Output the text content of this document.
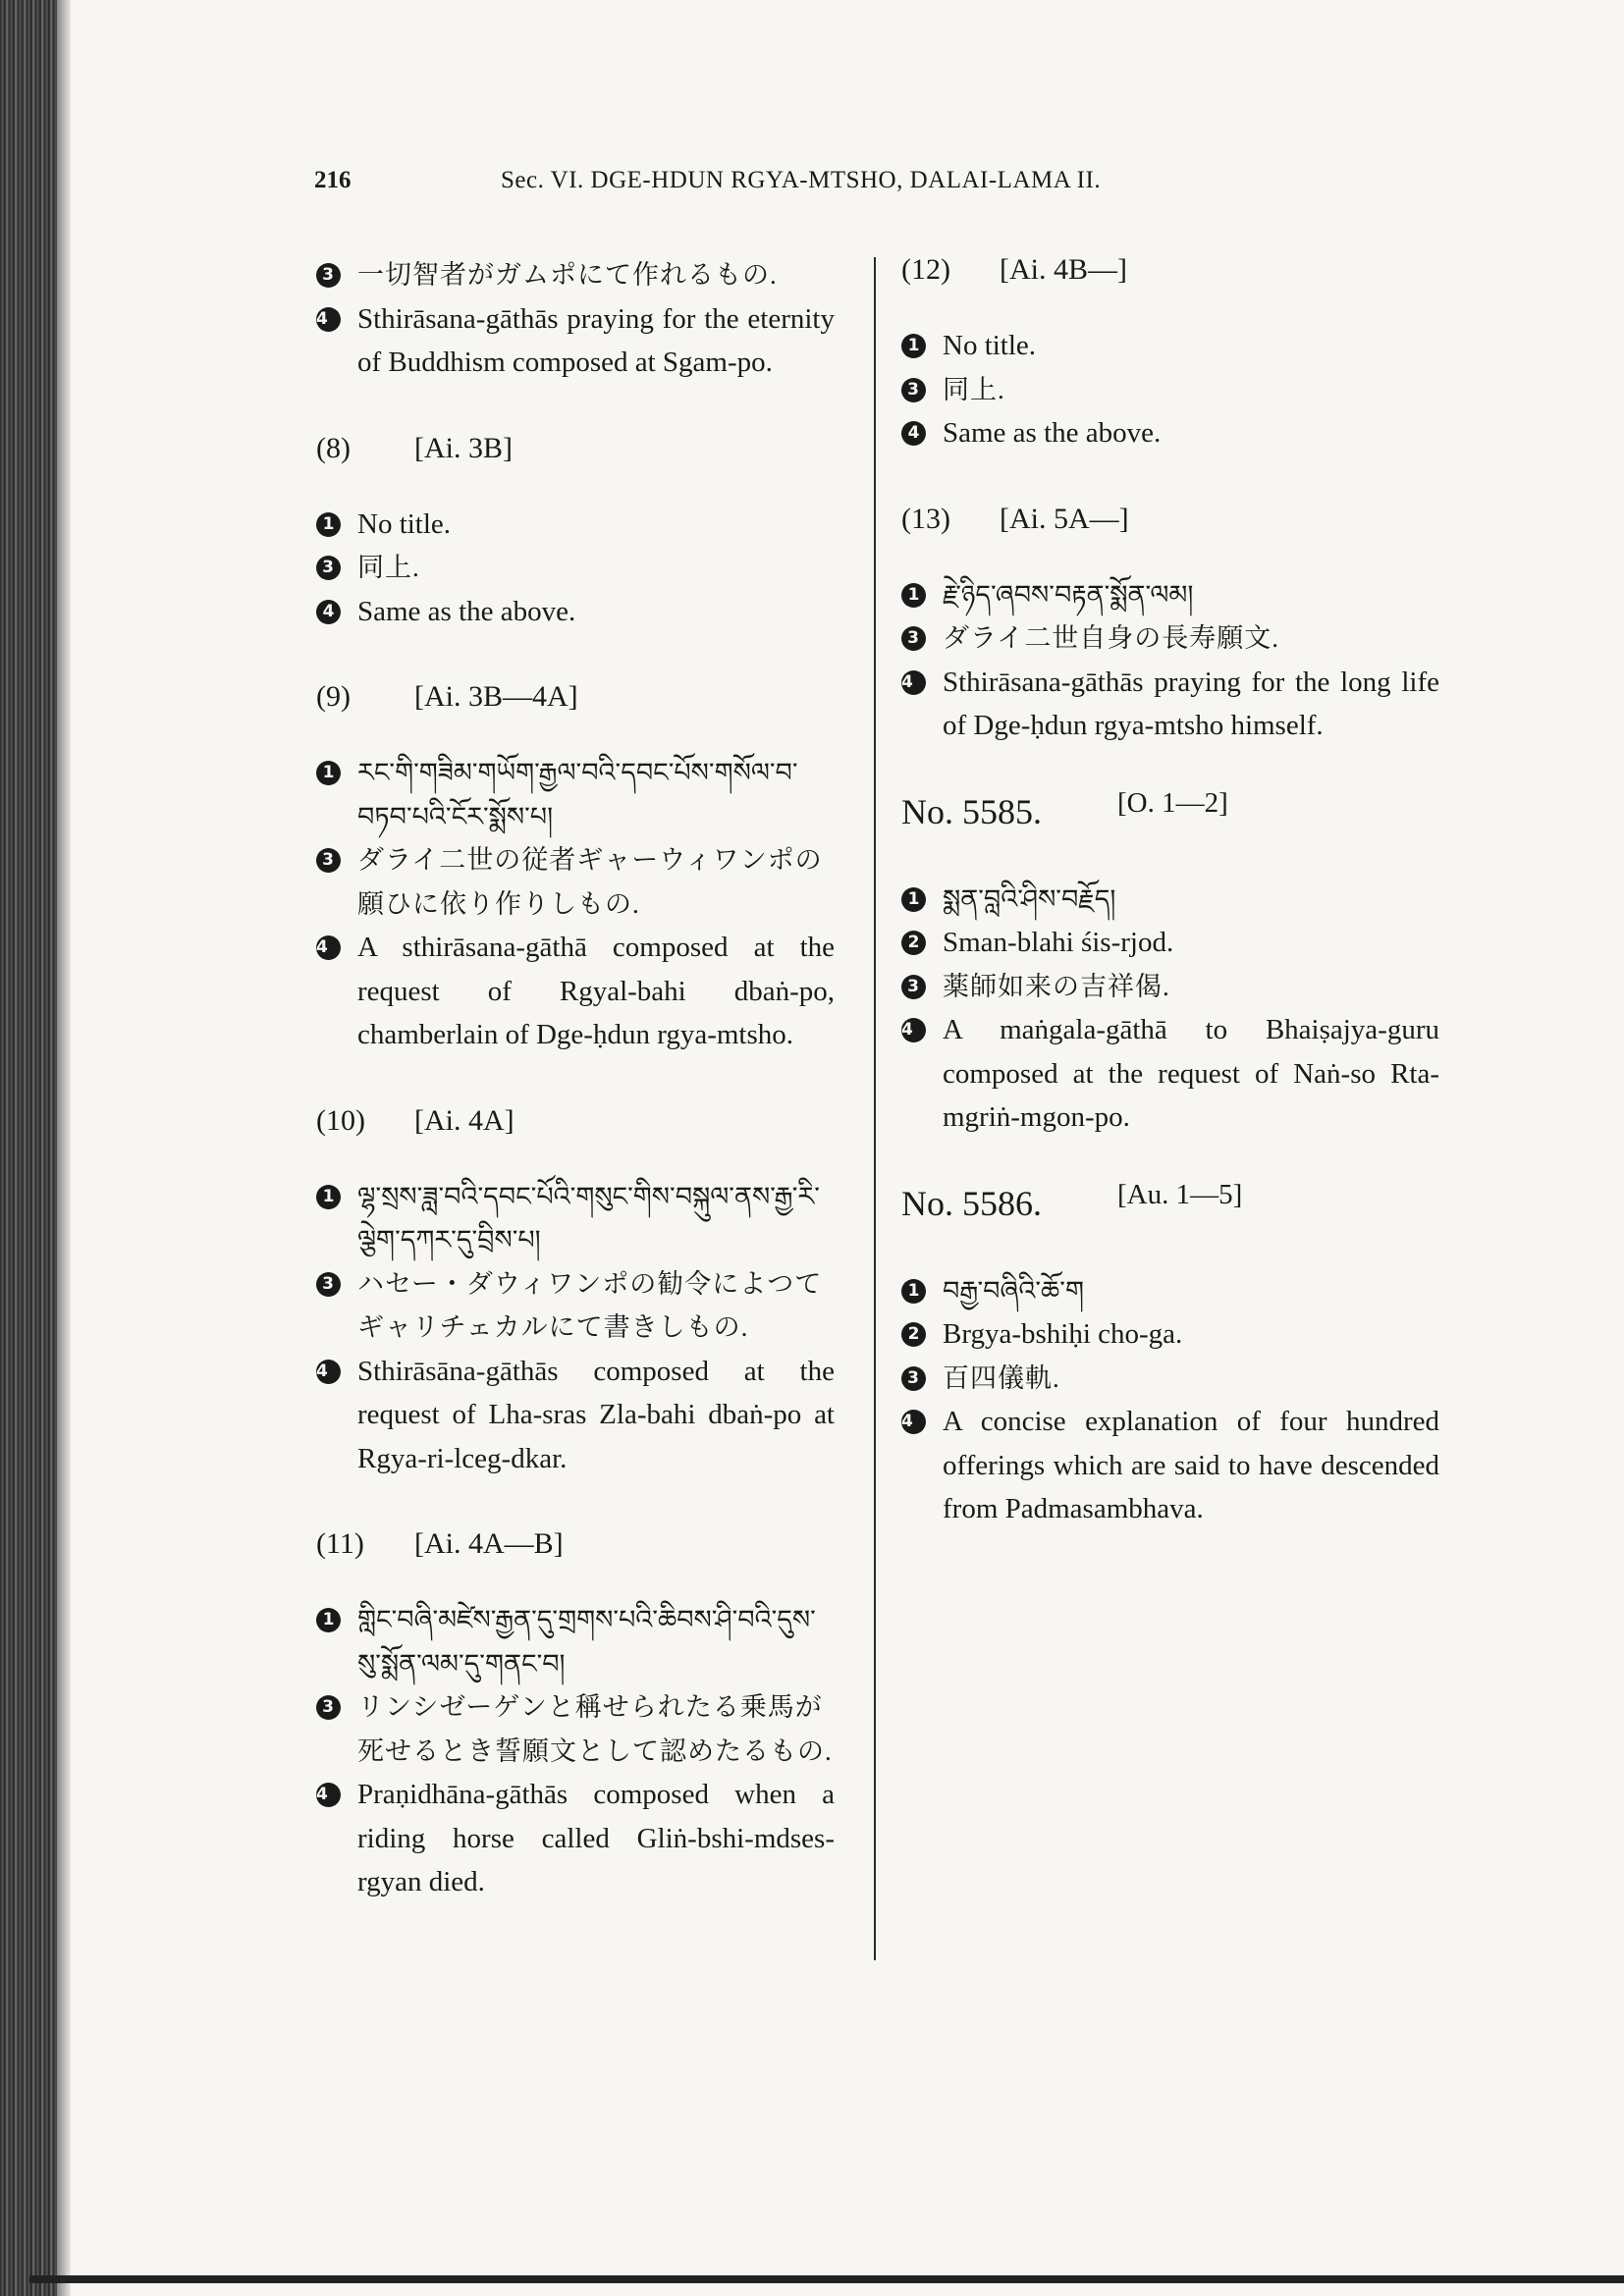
216	Sec. VI. DGE-HDUN RGYA-MTSHO, DALAI-LAMA II.

3 一切智者がガムポにて作れるもの.

4	Sthirāsana-gāthās praying for the eternity of Buddhism composed at Sgam-po.

(8) [Ai. 3B]

1 No title.

3 同上.

4 Same as the above.

(9) [Ai. 3B—4A]

1 རང་གི་གཟིམ་གཡོག་རྒྱལ་བའི་དབང་པོས་གསོལ་བ་བཏབ་པའི་ངོར་སྨོས་པ།

3 ダライ二世の従者ギャーウィワンポの願ひに依り作りしもの.

4	A sthirāsana-gāthā composed at the request of Rgyal-bahi dbaṅ-po, chamberlain of Dge-ḥdun rgya-mtsho.

(10) [Ai. 4A]

1 ལྷ་སྲས་ཟླ་བའི་དབང་པོའི་གསུང་གིས་བསྐུལ་ནས་རྒྱ་རི་ལྕེག་དཀར་དུ་བྲིས་པ།

3 ハセー・ダウィワンポの勧令によつてギャリチェカルにて書きしもの.

4	Sthirāsāna-gāthās composed at the request of Lha-sras Zla-bahi dbaṅ-po at Rgya-ri-lceg-dkar.

(11) [Ai. 4A—B]

1 གླིང་བཞི་མཛེས་རྒྱན་དུ་གྲགས་པའི་ཆིབས་ཤི་བའི་དུས་སུ་སྨོན་ལམ་དུ་གནང་བ།

3 リンシゼーゲンと稱せられたる乗馬が死せるとき誓願文として認めたるもの.

4	Praṇidhāna-gāthās composed when a riding horse called Gliṅ-bshi-mdses- rgyan died.

(12) [Ai. 4B—]

1 No title.

3 同上.

4 Same as the above.

(13) [Ai. 5A—]

1 རྗེ་ཉིད་ཞབས་བརྟན་སྨོན་ལམ།

3 ダライ二世自身の長寿願文.

4	Sthirāsana-gāthās praying for the long life of Dge-ḥdun rgya-mtsho himself.

No. 5585.	[O. 1—2]

1 སྨན་བླའི་ཤིས་བརྗོད།

2 Sman-blahi śis-rjod.

3 薬師如来の吉祥偈.

4	A maṅgala-gāthā to Bhaiṣajya-guru composed at the request of Naṅ-so Rta-mgriṅ-mgon-po.

No. 5586.	[Au. 1—5]

1 བརྒྱ་བཞིའི་ཆོ་ག

2 Brgya-bshiḥi cho-ga.

3 百四儀軌.

4	A concise explanation of four hundred offerings which are said to have descended from Padmasambhava.
